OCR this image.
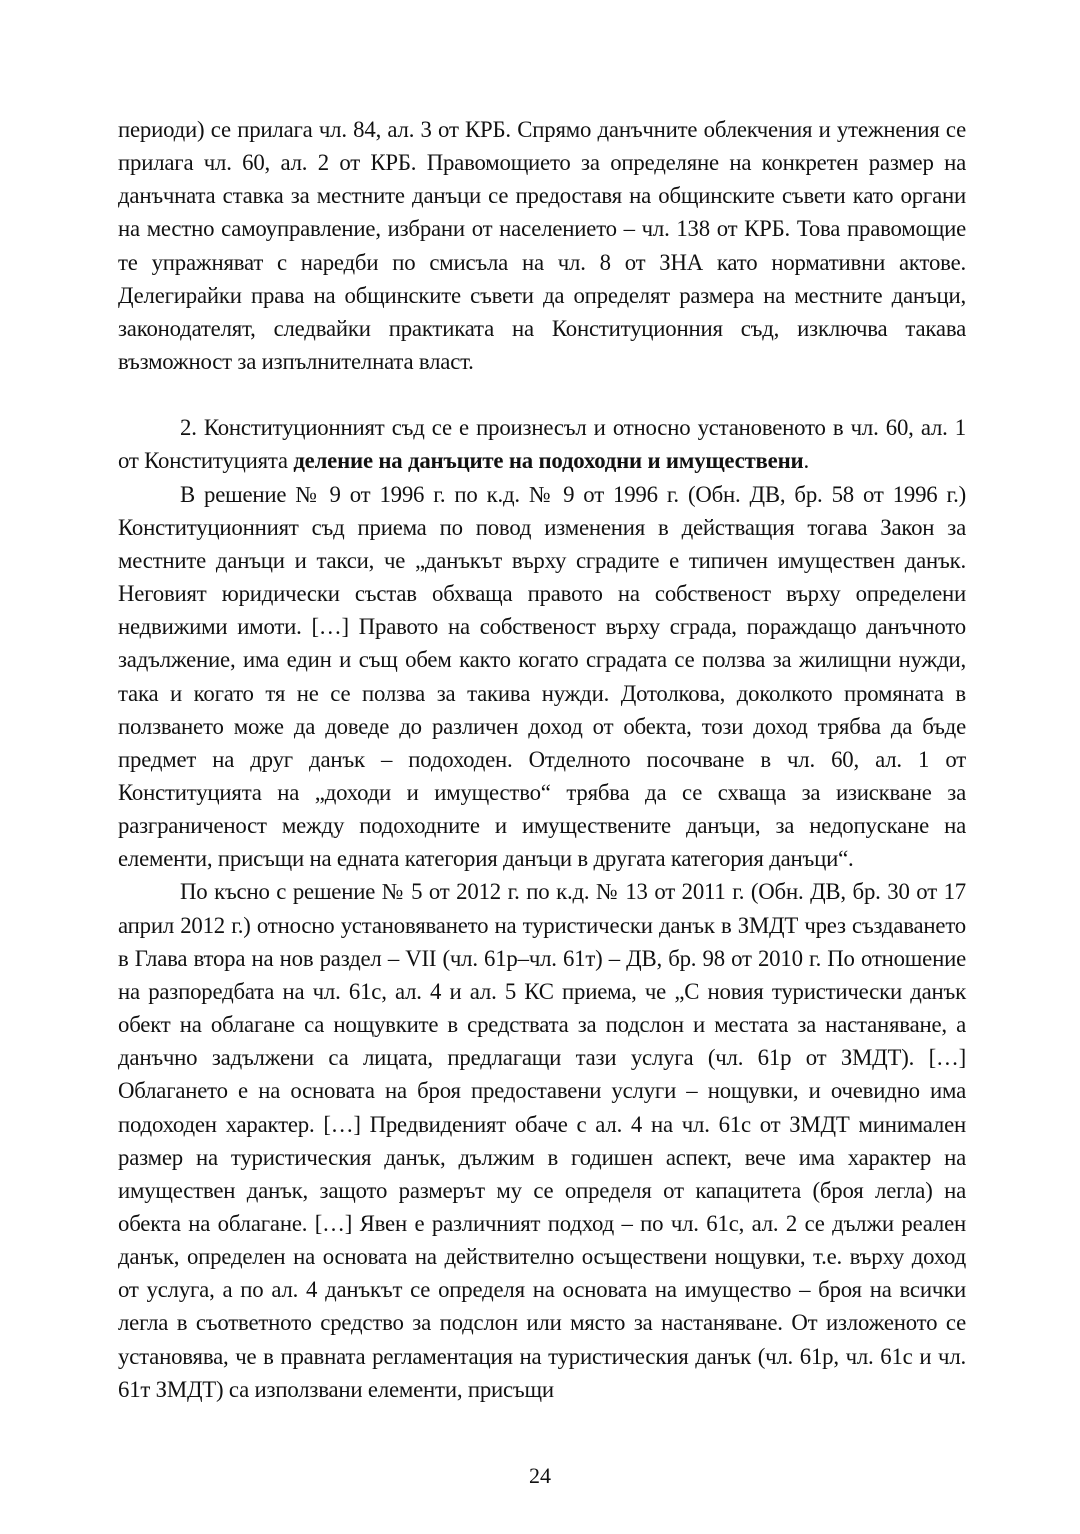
периоди) се прилага чл. 84, ал. 3 от КРБ. Спрямо данъчните облекчения и утежнения се прилага чл. 60, ал. 2 от КРБ. Правомощието за определяне на конкретен размер на данъчната ставка за местните данъци се предоставя на общинските съвети като органи на местно самоуправление, избрани от населението – чл. 138 от КРБ. Това правомощие те упражняват с наредби по смисъла на чл. 8 от ЗНА като нормативни актове. Делегирайки права на общинските съвети да определят размера на местните данъци, законодателят, следвайки практиката на Конституционния съд, изключва такава възможност за изпълнителната власт.

2. Конституционният съд се е произнесъл и относно установеното в чл. 60, ал. 1 от Конституцията деление на данъците на подоходни и имуществени.

В решение № 9 от 1996 г. по к.д. № 9 от 1996 г. (Обн. ДВ, бр. 58 от 1996 г.) Конституционният съд приема по повод изменения в действащия тогава Закон за местните данъци и такси, че „данъкът върху сградите е типичен имуществен данък. Неговият юридически състав обхваща правото на собственост върху определени недвижими имоти. […] Правото на собственост върху сграда, пораждащо данъчното задължение, има един и същ обем както когато сградата се ползва за жилищни нужди, така и когато тя не се ползва за такива нужди. Дотолкова, доколкото промяната в ползването може да доведе до различен доход от обекта, този доход трябва да бъде предмет на друг данък – подоходен. Отделното посочване в чл. 60, ал. 1 от Конституцията на „доходи и имущество“ трябва да се схваща за изискване за разграниченост между подоходните и имуществените данъци, за недопускане на елементи, присъщи на едната категория данъци в другата категория данъци“.

По късно с решение № 5 от 2012 г. по к.д. № 13 от 2011 г. (Обн. ДВ, бр. 30 от 17 април 2012 г.) относно установяването на туристически данък в ЗМДТ чрез създаването в Глава втора на нов раздел – VII (чл. 61р–чл. 61т) – ДВ, бр. 98 от 2010 г. По отношение на разпоредбата на чл. 61с, ал. 4 и ал. 5 КС приема, че „С новия туристически данък обект на облагане са нощувките в средствата за подслон и местата за настаняване, а данъчно задължени са лицата, предлагащи тази услуга (чл. 61р от ЗМДТ). […] Облагането е на основата на броя предоставени услуги – нощувки, и очевидно има подоходен характер. […] Предвиденият обаче с ал. 4 на чл. 61с от ЗМДТ минимален размер на туристическия данък, дължим в годишен аспект, вече има характер на имуществен данък, защото размерът му се определя от капацитета (броя легла) на обекта на облагане. […] Явен е различният подход – по чл. 61с, ал. 2 се дължи реален данък, определен на основата на действително осъществени нощувки, т.е. върху доход от услуга, а по ал. 4 данъкът се определя на основата на имущество – броя на всички легла в съответното средство за подслон или място за настаняване. От изложеното се установява, че в правната регламентация на туристическия данък (чл. 61р, чл. 61с и чл. 61т ЗМДТ) са използвани елементи, присъщи

24
